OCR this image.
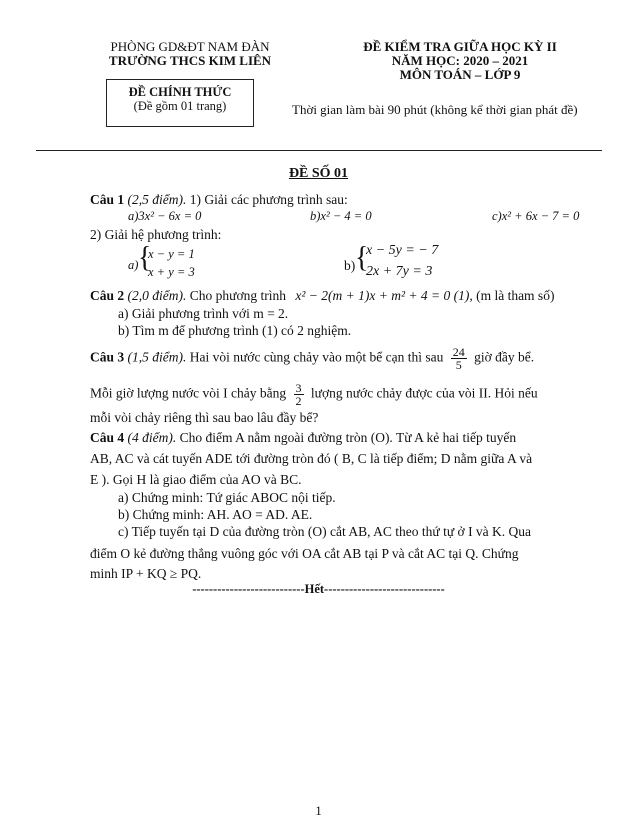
PHÒNG GD&ĐT NAM ĐÀN
TRƯỜNG THCS KIM LIÊN
ĐỀ KIỂM TRA GIỮA HỌC KỲ II
NĂM HỌC: 2020 – 2021
MÔN TOÁN – LỚP 9
ĐỀ CHÍNH THỨC
(Đề gồm 01 trang)	Thời gian làm bài 90 phút (không kể thời gian phát đề)
ĐỀ SỐ 01
Câu 1 (2,5 điểm). 1) Giải các phương trình sau:
a)3x² − 6x = 0	b)x² − 4 = 0	c)x² + 6x − 7 = 0
2) Giải hệ phương trình:
a) {
x − y = 1
x + y = 3	b) {
x − 5y = − 7
2x + 7y = 3
Câu 2 (2,0 điểm). Cho phương trình x² − 2(m + 1)x + m² + 4 = 0 (1), (m là tham số)
a) Giải phương trình với m = 2.
b) Tìm m để phương trình (1) có 2 nghiệm.
Câu 3 (1,5 điểm). Hai vòi nước cùng chảy vào một bể cạn thì sau $\frac{24}{5}$ giờ đầy bể.
Mỗi giờ lượng nước vòi I chảy bằng $\frac{3}{2}$ lượng nước chảy được của vòi II. Hỏi nếu
mỗi vòi chảy riêng thì sau bao lâu đầy bể?
Câu 4 (4 điểm). Cho điểm A nằm ngoài đường tròn (O). Từ A kẻ hai tiếp tuyến
AB, AC và cát tuyến ADE tới đường tròn đó ( B, C là tiếp điểm; D nằm giữa A và
E ). Gọi H là giao điểm của AO và BC.
a) Chứng minh: Tứ giác ABOC nội tiếp.
b) Chứng minh: AH. AO = AD. AE.
c) Tiếp tuyến tại D của đường tròn (O) cắt AB, AC theo thứ tự ở I và K. Qua
điểm O kẻ đường thẳng vuông góc với OA cắt AB tại P và cắt AC tại Q. Chứng
minh IP + KQ ≥ PQ.
---------------------------Hết-----------------------------
1
